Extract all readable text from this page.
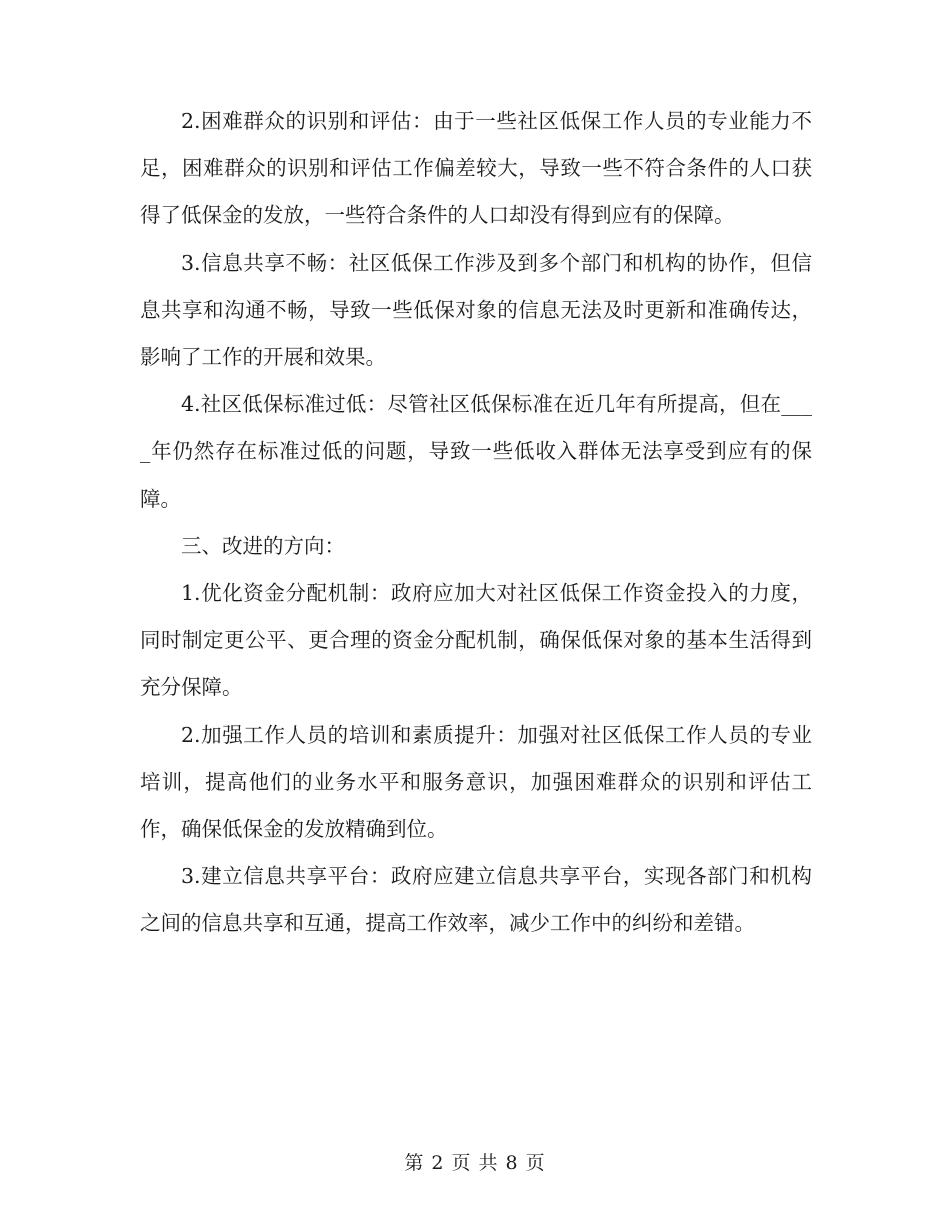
2.困难群众的识别和评估：由于一些社区低保工作人员的专业能力不足，困难群众的识别和评估工作偏差较大，导致一些不符合条件的人口获得了低保金的发放，一些符合条件的人口却没有得到应有的保障。

3.信息共享不畅：社区低保工作涉及到多个部门和机构的协作，但信息共享和沟通不畅，导致一些低保对象的信息无法及时更新和准确传达，影响了工作的开展和效果。

4.社区低保标准过低：尽管社区低保标准在近几年有所提高，但在____年仍然存在标准过低的问题，导致一些低收入群体无法享受到应有的保障。

三、改进的方向：

1.优化资金分配机制：政府应加大对社区低保工作资金投入的力度，同时制定更公平、更合理的资金分配机制，确保低保对象的基本生活得到充分保障。

2.加强工作人员的培训和素质提升：加强对社区低保工作人员的专业培训，提高他们的业务水平和服务意识，加强困难群众的识别和评估工作，确保低保金的发放精确到位。

3.建立信息共享平台：政府应建立信息共享平台，实现各部门和机构之间的信息共享和互通，提高工作效率，减少工作中的纠纷和差错。

第 2 页 共 8 页
